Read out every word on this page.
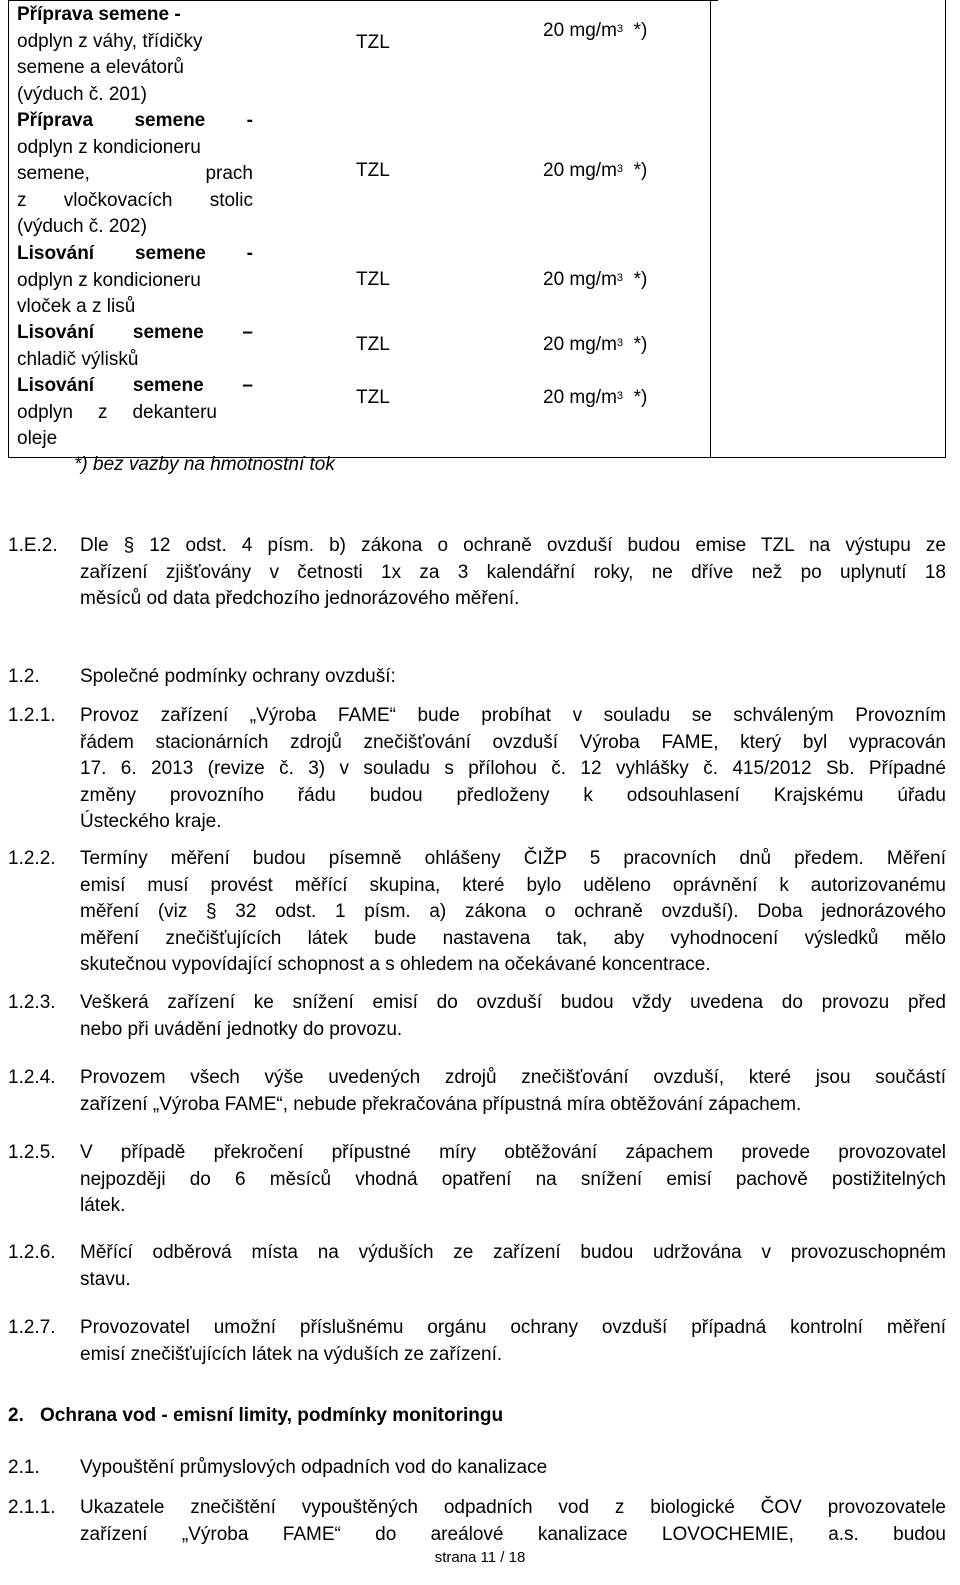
Příprava semene -
odplyn z váhy, třídičky
semene a elevátorů
(výduch č. 201)
TZL
20 $mg/m^3$ *)
Příprava semene -
odplyn z kondicioneru
semene, prach
z vločkovacích stolic
(výduch č. 202)
TZL	20 $mg/m^3$ *)
Lisování semene -
odplyn z kondicioneru
vloček a z lisů
TZL	20 $mg/m^3$ *)
Lisování semene –
chladič výlisků
TZL	20 $mg/m^3$ *)
Lisování semene –
odplyn z dekanteru
oleje
TZL	20 $mg/m^3$ *)
*) bez vazby na hmotnostní tok
1.E.2. Dle § 12 odst. 4 písm. b) zákona o ochraně ovzduší budou emise TZL na výstupu ze
zařízení zjišťovány v četnosti 1x za 3 kalendářní roky, ne dříve než po uplynutí 18
měsíců od data předchozího jednorázového měření.
1.2. Společné podmínky ochrany ovzduší:
1.2.1. Provoz zařízení „Výroba FAME“ bude probíhat v souladu se schváleným Provozním
řádem stacionárních zdrojů znečišťování ovzduší Výroba FAME, který byl vypracován
17. 6. 2013 (revize č. 3) v souladu s přílohou č. 12 vyhlášky č. 415/2012 Sb. Případné
změny provozního řádu budou předloženy k odsouhlasení Krajskému úřadu
Ústeckého kraje.
1.2.2. Termíny měření budou písemně ohlášeny ČIŽP 5 pracovních dnů předem. Měření
emisí musí provést měřící skupina, které bylo uděleno oprávnění k autorizovanému
měření (viz § 32 odst. 1 písm. a) zákona o ochraně ovzduší). Doba jednorázového
měření znečišťujících látek bude nastavena tak, aby vyhodnocení výsledků mělo
skutečnou vypovídající schopnost a s ohledem na očekávané koncentrace.
1.2.3. Veškerá zařízení ke snížení emisí do ovzduší budou vždy uvedena do provozu před
nebo při uvádění jednotky do provozu.
1.2.4. Provozem všech výše uvedených zdrojů znečišťování ovzduší, které jsou součástí
zařízení „Výroba FAME“, nebude překračována přípustná míra obtěžování zápachem.
1.2.5. V případě překročení přípustné míry obtěžování zápachem provede provozovatel
nejpozději do 6 měsíců vhodná opatření na snížení emisí pachově postižitelných
látek.
1.2.6. Měřící odběrová místa na výduších ze zařízení budou udržována v provozuschopném
stavu.
1.2.7. Provozovatel umožní příslušnému orgánu ochrany ovzduší případná kontrolní měření
emisí znečišťujících látek na výduších ze zařízení.
2. Ochrana vod - emisní limity, podmínky monitoringu
2.1. Vypouštění průmyslových odpadních vod do kanalizace
2.1.1. Ukazatele znečištění vypouštěných odpadních vod z biologické ČOV provozovatele
zařízení „Výroba FAME“ do areálové kanalizace LOVOCHEMIE, a.s. budou
strana 11 / 18
